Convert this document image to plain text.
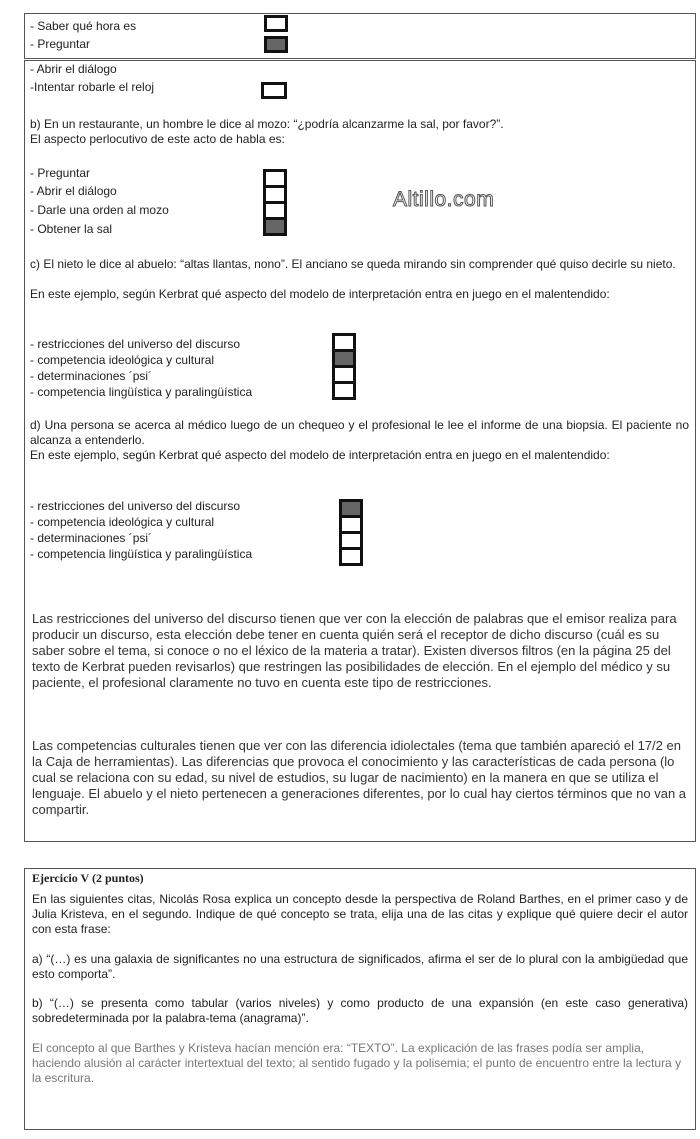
- Saber qué hora es
- Preguntar
- Abrir el diálogo
-Intentar robarle el reloj
b) En un restaurante, un hombre le dice al mozo: “¿podría alcanzarme la sal, por favor?”.
El aspecto perlocutivo de este acto de habla es:
- Preguntar
- Abrir el diálogo
- Darle una orden al mozo
- Obtener la sal
Altillo.com
c) El nieto le dice al abuelo: “altas llantas, nono”. El anciano se queda mirando sin comprender qué quiso decirle su nieto.
En este ejemplo, según Kerbrat qué aspecto del modelo de interpretación entra en juego en el malentendido:
- restricciones del universo del discurso
- competencia ideológica y cultural
- determinaciones ´psi´
- competencia lingüística y paralingüística
d) Una persona se acerca al médico luego de un chequeo y el profesional le lee el informe de una biopsia. El paciente no alcanza a entenderlo.
En este ejemplo, según Kerbrat qué aspecto del modelo de interpretación entra en juego en el malentendido:
- restricciones del universo del discurso
- competencia ideológica y cultural
- determinaciones ´psi´
- competencia lingüística y paralingüística
Las restricciones del universo del discurso tienen que ver con la elección de palabras que el emisor realiza para producir un discurso, esta elección debe tener en cuenta quién será el receptor de dicho discurso (cuál es su saber sobre el tema, si conoce o no el léxico de la materia a tratar). Existen diversos filtros (en la página 25 del texto de Kerbrat pueden revisarlos) que restringen las posibilidades de elección. En el ejemplo del médico y su paciente, el profesional claramente no tuvo en cuenta este tipo de restricciones.
Las competencias culturales tienen que ver con las diferencia idiolectales (tema que también apareció el 17/2 en la Caja de herramientas). Las diferencias que provoca el conocimiento y las características de cada persona (lo cual se relaciona con su edad, su nivel de estudios, su lugar de nacimiento) en la manera en que se utiliza el lenguaje. El abuelo y el nieto pertenecen a generaciones diferentes, por lo cual hay ciertos términos que no van a compartir.
Ejercicio V (2 puntos)
En las siguientes citas, Nicolás Rosa explica un concepto desde la perspectiva de Roland Barthes, en el primer caso y de Julia Kristeva, en el segundo. Indique de qué concepto se trata, elija una de las citas y explique qué quiere decir el autor con esta frase:
a) “(…) es una galaxia de significantes no una estructura de significados, afirma el ser de lo plural con la ambigüedad que esto comporta”.
b) “(…) se presenta como tabular (varios niveles) y como producto de una expansión (en este caso generativa) sobredeterminada por la palabra-tema (anagrama)”.
El concepto al que Barthes y Kristeva hacían mención era: “TEXTO”. La explicación de las frases podía ser amplia, haciendo alusión al carácter intertextual del texto; al sentido fugado y la polisemia; el punto de encuentro entre la lectura y la escritura.
